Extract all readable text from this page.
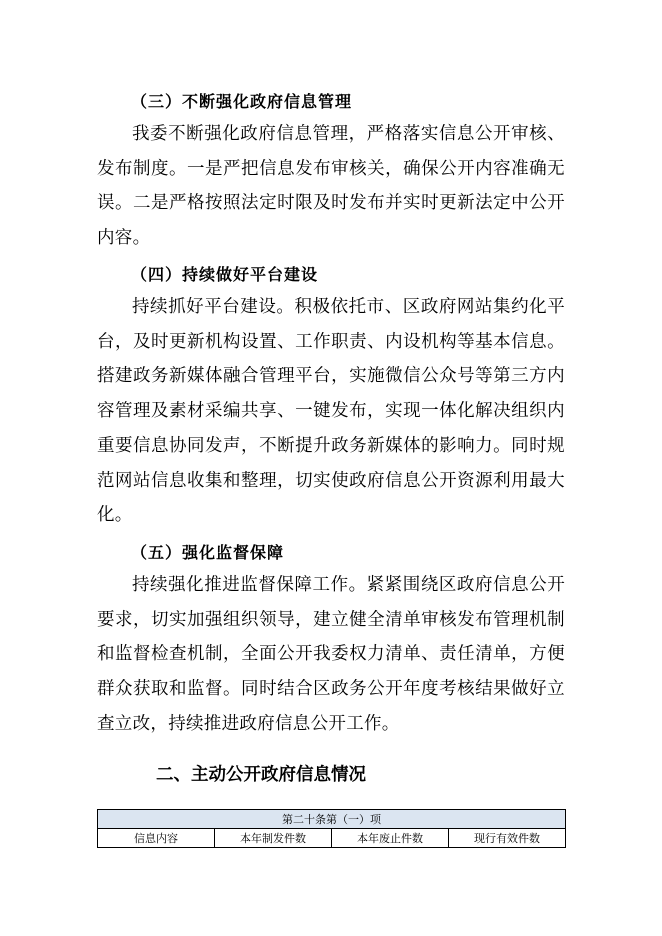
（三）不断强化政府信息管理

我委不断强化政府信息管理，严格落实信息公开审核、发布制度。一是严把信息发布审核关，确保公开内容准确无误。二是严格按照法定时限及时发布并实时更新法定中公开内容。

（四）持续做好平台建设

持续抓好平台建设。积极依托市、区政府网站集约化平台，及时更新机构设置、工作职责、内设机构等基本信息。搭建政务新媒体融合管理平台，实施微信公众号等第三方内容管理及素材采编共享、一键发布，实现一体化解决组织内重要信息协同发声，不断提升政务新媒体的影响力。同时规范网站信息收集和整理，切实使政府信息公开资源利用最大化。

（五）强化监督保障

持续强化推进监督保障工作。紧紧围绕区政府信息公开要求，切实加强组织领导，建立健全清单审核发布管理机制和监督检查机制，全面公开我委权力清单、责任清单，方便群众获取和监督。同时结合区政务公开年度考核结果做好立查立改，持续推进政府信息公开工作。

二、主动公开政府信息情况
第二十条第（一）项
信息内容	本年制发件数	本年废止件数	现行有效件数
